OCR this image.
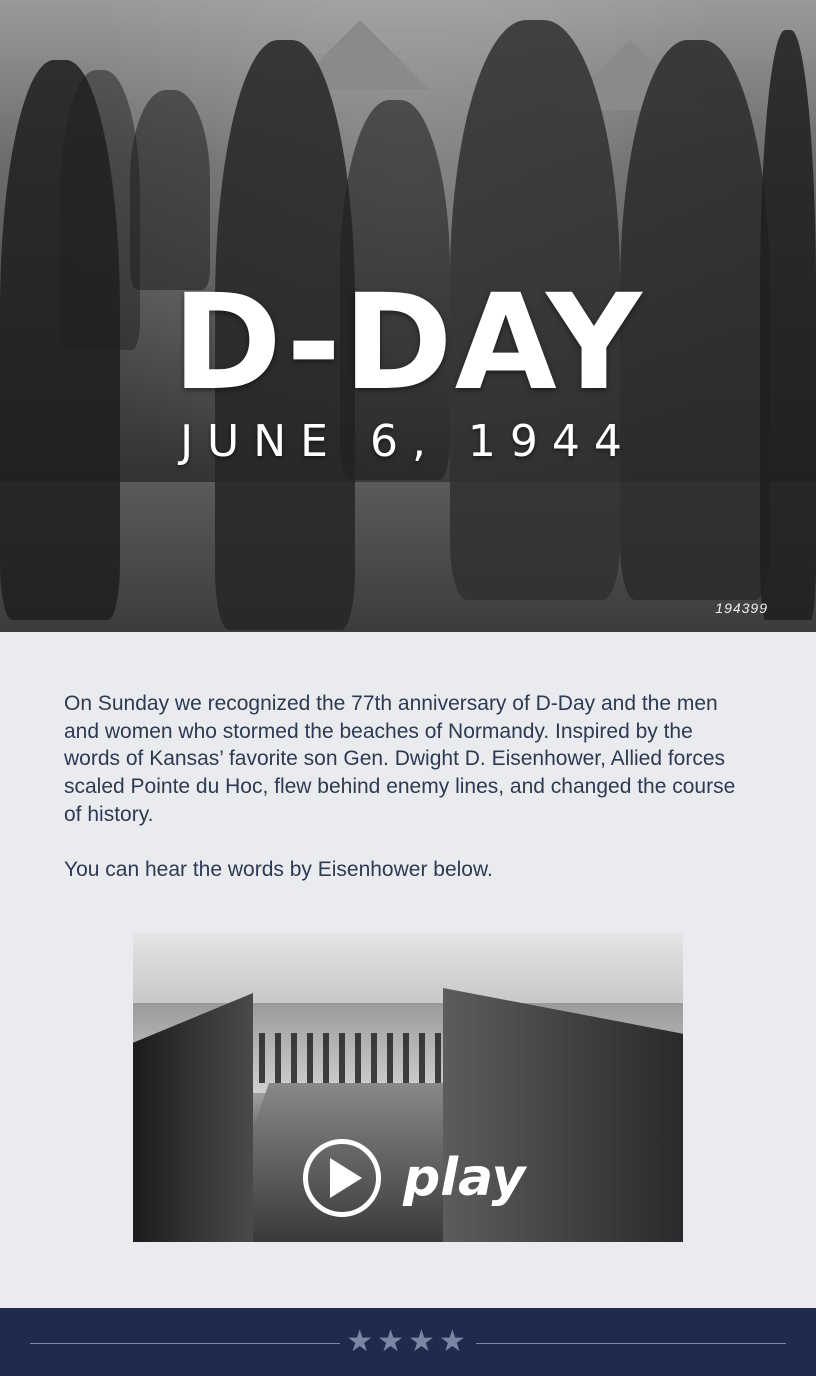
D-DAY
JUNE 6, 1944
194399

On Sunday we recognized the 77th anniversary of D-Day and the men and women who stormed the beaches of Normandy. Inspired by the words of Kansas’ favorite son Gen. Dwight D. Eisenhower, Allied forces scaled Pointe du Hoc, flew behind enemy lines, and changed the course of history.

You can hear the words by Eisenhower below.

play
★★★★
